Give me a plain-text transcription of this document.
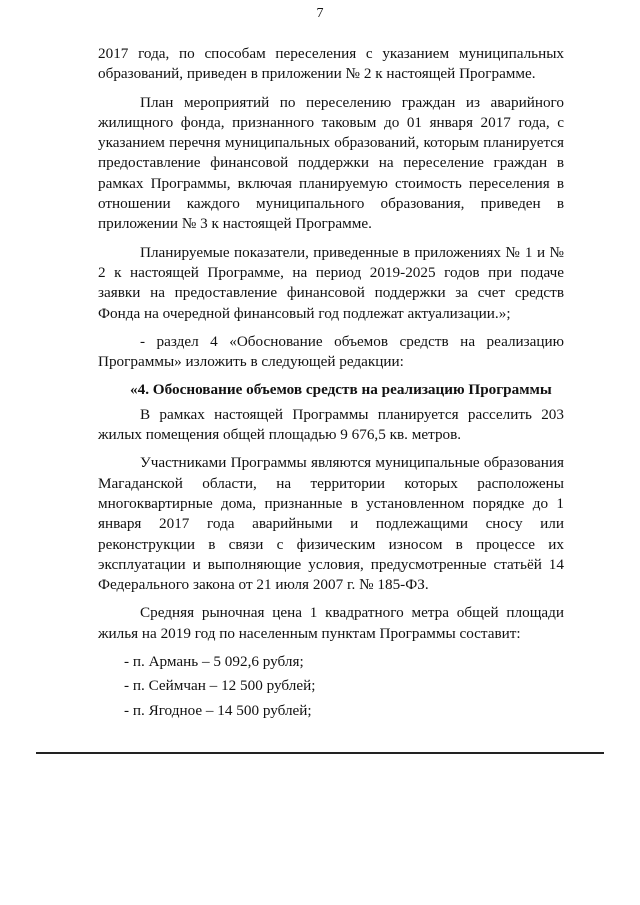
7

2017 года, по способам переселения с указанием муниципальных образований, приведен в приложении № 2 к настоящей Программе.

План мероприятий по переселению граждан из аварийного жилищного фонда, признанного таковым до 01 января 2017 года, с указанием перечня муниципальных образований, которым планируется предоставление финансовой поддержки на переселение граждан в рамках Программы, включая планируемую стоимость переселения в отношении каждого муниципального образования, приведен в приложении № 3 к настоящей Программе.

Планируемые показатели, приведенные в приложениях № 1 и № 2 к настоящей Программе, на период 2019-2025 годов при подаче заявки на предоставление финансовой поддержки за счет средств Фонда на очередной финансовый год подлежат актуализации.»;

- раздел 4 «Обоснование объемов средств на реализацию Программы» изложить в следующей редакции:

«4. Обоснование объемов средств на реализацию Программы

В рамках настоящей Программы планируется расселить 203 жилых помещения общей площадью 9 676,5 кв. метров.

Участниками Программы являются муниципальные образования Магаданской области, на территории которых расположены многоквартирные дома, признанные в установленном порядке до 1 января 2017 года аварийными и подлежащими сносу или реконструкции в связи с физическим износом в процессе их эксплуатации и выполняющие условия, предусмотренные статьёй 14 Федерального закона от 21 июля 2007 г. № 185-ФЗ.

Средняя рыночная цена 1 квадратного метра общей площади жилья на 2019 год по населенным пунктам Программы составит:

- п. Армань – 5 092,6 рубля;
- п. Сеймчан – 12 500 рублей;
- п. Ягодное – 14 500 рублей;
